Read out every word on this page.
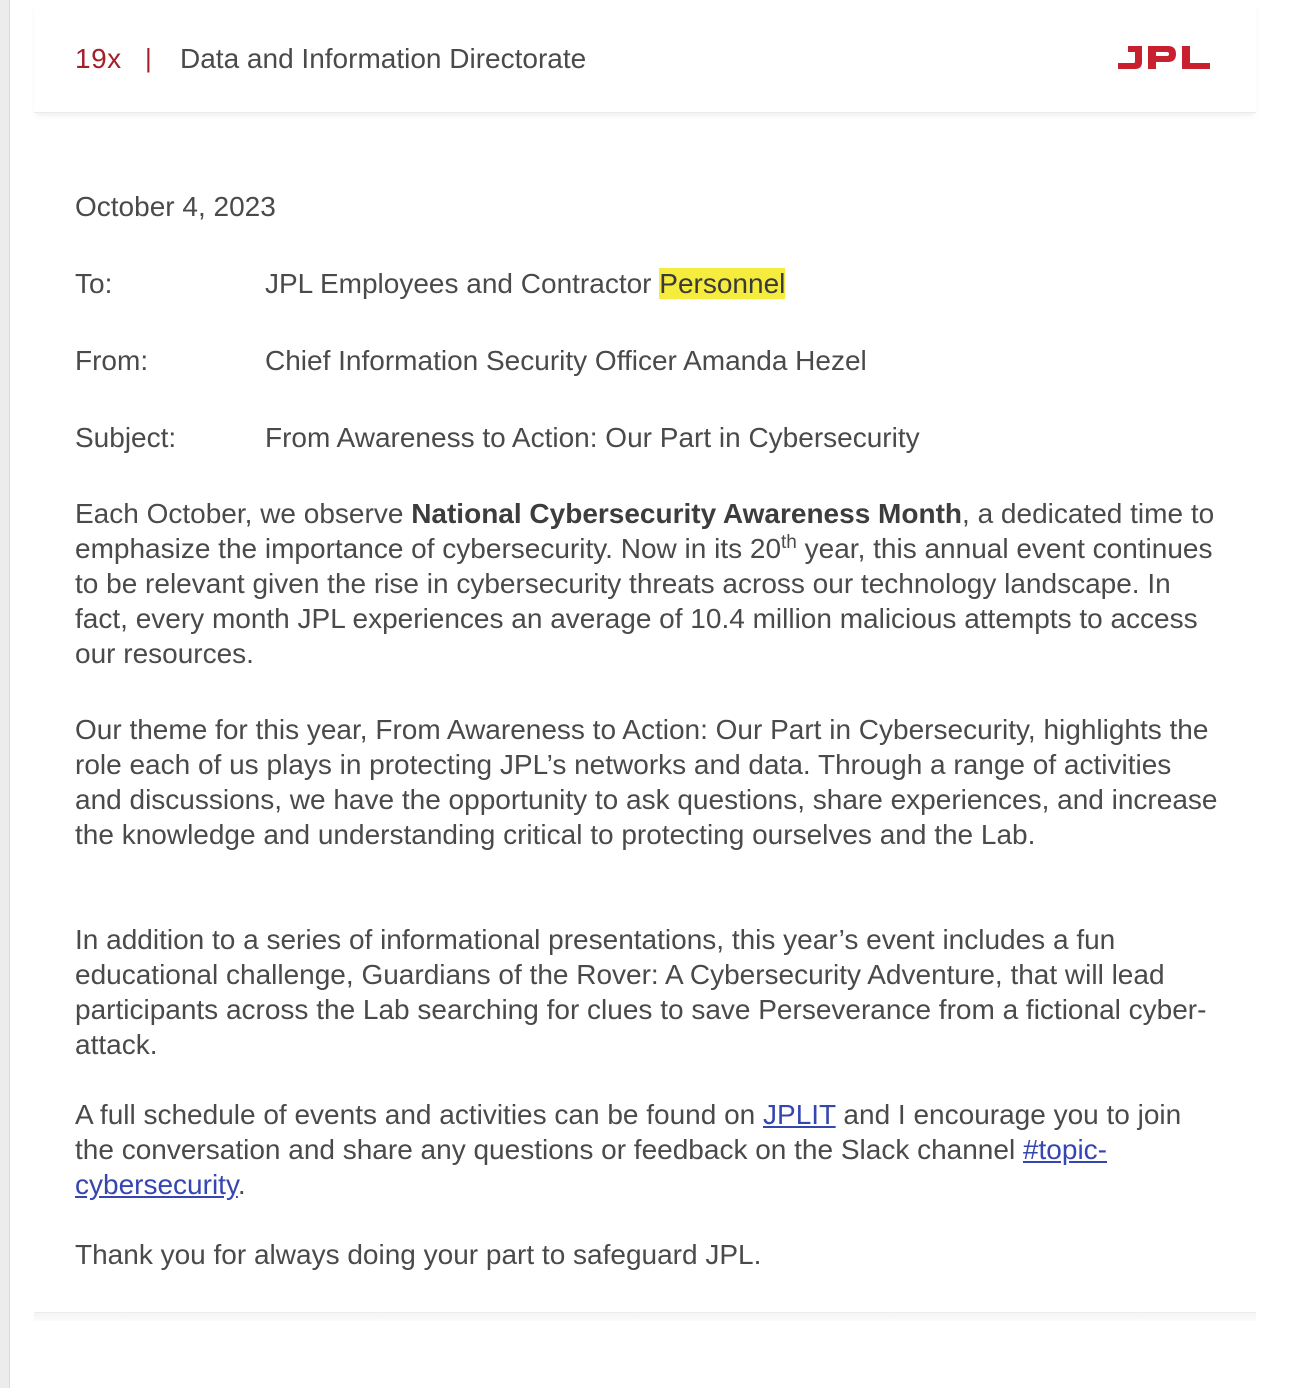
19x | Data and Information Directorate
October 4, 2023
To:	JPL Employees and Contractor Personnel
From:	Chief Information Security Officer Amanda Hezel
Subject:	From Awareness to Action: Our Part in Cybersecurity

Each October, we observe National Cybersecurity Awareness Month, a dedicated time to emphasize the importance of cybersecurity. Now in its 20th year, this annual event continues to be relevant given the rise in cybersecurity threats across our technology landscape. In fact, every month JPL experiences an average of 10.4 million malicious attempts to access our resources.

Our theme for this year, From Awareness to Action: Our Part in Cybersecurity, highlights the role each of us plays in protecting JPL’s networks and data. Through a range of activities and discussions, we have the opportunity to ask questions, share experiences, and increase the knowledge and understanding critical to protecting ourselves and the Lab.

In addition to a series of informational presentations, this year’s event includes a fun educational challenge, Guardians of the Rover: A Cybersecurity Adventure, that will lead participants across the Lab searching for clues to save Perseverance from a fictional cyber-attack.

A full schedule of events and activities can be found on JPLIT and I encourage you to join the conversation and share any questions or feedback on the Slack channel #topic-cybersecurity.

Thank you for always doing your part to safeguard JPL.
